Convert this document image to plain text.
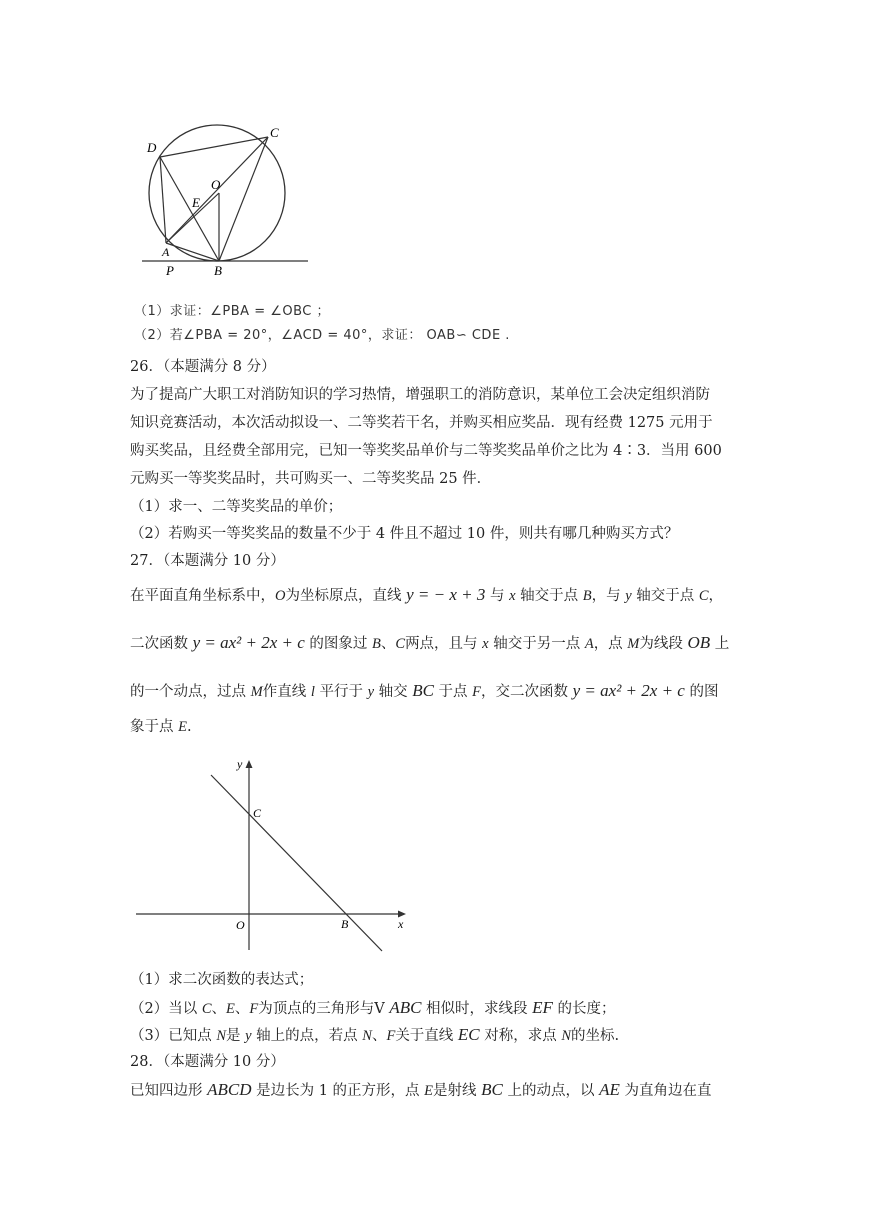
D
C
O
E
A
P	B
（1）求证：∠PBA = ∠OBC ；
（2）若∠PBA = 20°，∠ACD = 40°，求证： OAB∽ CDE .
26．（本题满分 8 分）
为了提高广大职工对消防知识的学习热情，增强职工的消防意识，某单位工会决定组织消防
知识竞赛活动，本次活动拟设一、二等奖若干名，并购买相应奖品．现有经费 1275 元用于
购买奖品，且经费全部用完，已知一等奖奖品单价与二等奖奖品单价之比为 4∶3．当用 600
元购买一等奖奖品时，共可购买一、二等奖奖品 25 件．
（1）求一、二等奖奖品的单价；
（2）若购买一等奖奖品的数量不少于 4 件且不超过 10 件，则共有哪几种购买方式？
27．（本题满分 10 分）
在平面直角坐标系中，O为坐标原点，直线 y = − x + 3 与 x 轴交于点 B，与 y 轴交于点 C，
二次函数 y = ax² + 2x + c 的图象过 B、C两点，且与 x 轴交于另一点 A，点 M为线段 OB 上
的一个动点，过点 M作直线 l 平行于 y 轴交 BC 于点 F，交二次函数 y = ax² + 2x + c 的图
象于点 E.
y
C
O	B	x
（1）求二次函数的表达式；
（2）当以 C、E、F为顶点的三角形与V ABC 相似时，求线段 EF 的长度；
（3）已知点 N是 y 轴上的点，若点 N、F关于直线 EC 对称，求点 N的坐标.
28．（本题满分 10 分）
已知四边形 ABCD 是边长为 1 的正方形，点 E是射线 BC 上的动点，以 AE 为直角边在直
